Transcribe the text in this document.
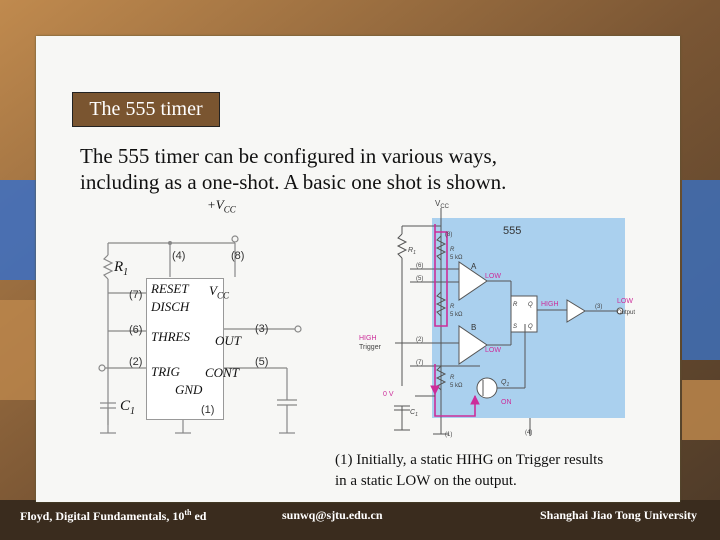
The 555 timer
The 555 timer can be configured in various ways,
including as a one-shot. A basic one shot is shown.
$+V_{CC}$
$R_1$
$C_1$
(4)	(8)
(7)
(6)	(3)
(2)	(5)
(1)
RESET
DISCH
$V_{CC}$
THRES OUT
TRIG CONT
GND
$V_{CC}$
555
(8)
$R_1$	R
5 kΩ
R
5 kΩ
R
5 kΩ
(6)
(5)
(2)
(7)
(3)
(1)	(4)
A
B
LOW
LOW
HIGH
R
S
Q
Q
LOW
Output
HIGH
Trigger
0 V
$Q_1$
ON
$C_1$
(1) Initially, a static HIHG on Trigger results
in a static LOW on the output.
Floyd, Digital Fundamentals, 10th ed	sunwq@sjtu.edu.cn	Shanghai Jiao Tong University
